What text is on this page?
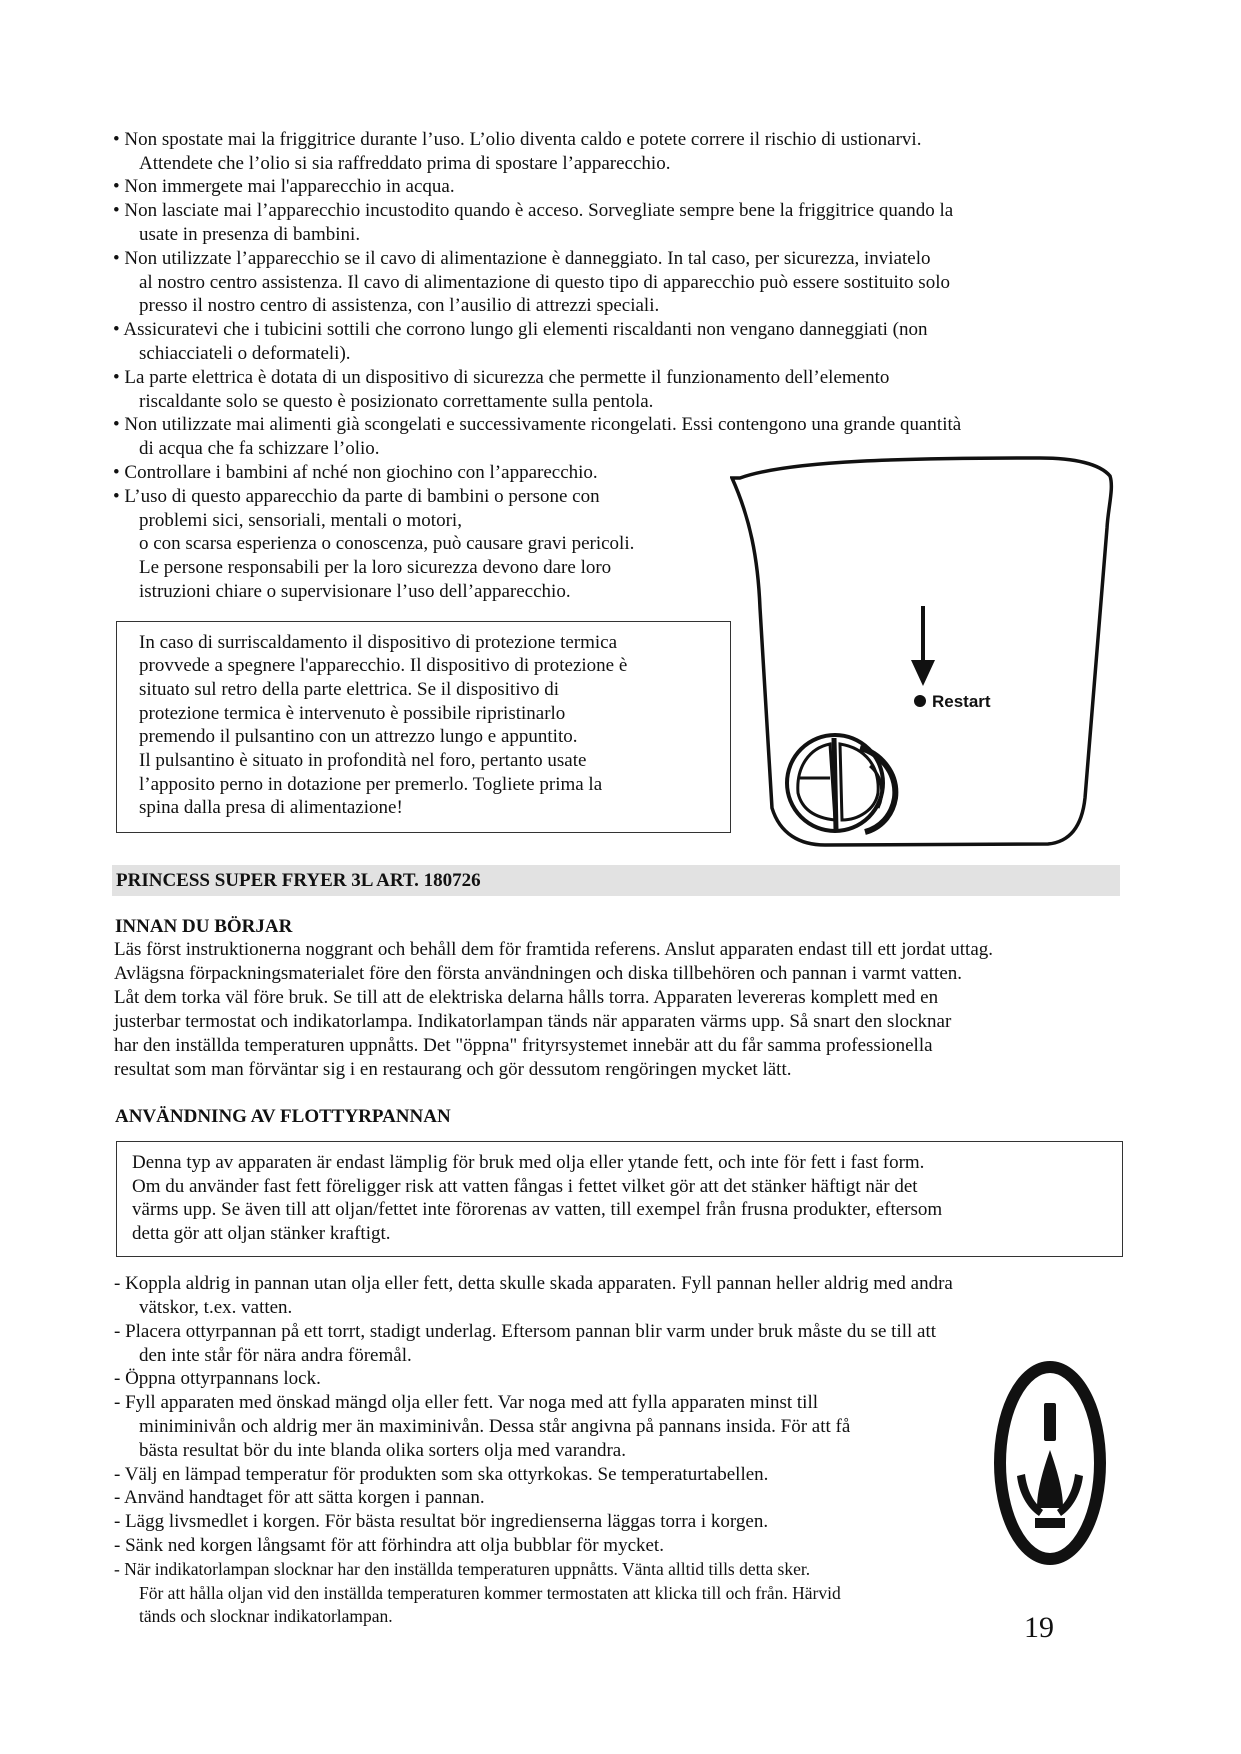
• Non spostate mai la friggitrice durante l’uso. L’olio diventa caldo e potete correre il rischio di ustionarvi.
Attendete che l’olio si sia raffreddato prima di spostare l’apparecchio.
• Non immergete mai l'apparecchio in acqua.
• Non lasciate mai l’apparecchio incustodito quando è acceso. Sorvegliate sempre bene la friggitrice quando la
usate in presenza di bambini.
• Non utilizzate l’apparecchio se il cavo di alimentazione è danneggiato. In tal caso, per sicurezza, inviatelo
al nostro centro assistenza. Il cavo di alimentazione di questo tipo di apparecchio può essere sostituito solo
presso il nostro centro di assistenza, con l’ausilio di attrezzi speciali.
• Assicuratevi che i tubicini sottili che corrono lungo gli elementi riscaldanti non vengano danneggiati (non
schiacciateli o deformateli).
• La parte elettrica è dotata di un dispositivo di sicurezza che permette il funzionamento dell’elemento
riscaldante solo se questo è posizionato correttamente sulla pentola.
• Non utilizzate mai alimenti già scongelati e successivamente ricongelati. Essi contengono una grande quantità
di acqua che fa schizzare l’olio.
• Controllare i bambini af nché non giochino con l’apparecchio.
• L’uso di questo apparecchio da parte di bambini o persone con
problemi sici, sensoriali, mentali o motori,
o con scarsa esperienza o conoscenza, può causare gravi pericoli.
Le persone responsabili per la loro sicurezza devono dare loro
istruzioni chiare o supervisionare l’uso dell’apparecchio.
In caso di surriscaldamento il dispositivo di protezione termica
provvede a spegnere l'apparecchio. Il dispositivo di protezione è
situato sul retro della parte elettrica. Se il dispositivo di
protezione termica è intervenuto è possibile ripristinarlo
premendo il pulsantino con un attrezzo lungo e appuntito.
Il pulsantino è situato in profondità nel foro, pertanto usate
l’apposito perno in dotazione per premerlo. Togliete prima la
spina dalla presa di alimentazione!
Restart
PRINCESS SUPER FRYER 3L ART. 180726
INNAN DU BÖRJAR
Läs först instruktionerna noggrant och behåll dem för framtida referens. Anslut apparaten endast till ett jordat uttag.
Avlägsna förpackningsmaterialet före den första användningen och diska tillbehören och pannan i varmt vatten.
Låt dem torka väl före bruk. Se till att de elektriska delarna hålls torra. Apparaten levereras komplett med en
justerbar termostat och indikatorlampa. Indikatorlampan tänds när apparaten värms upp. Så snart den slocknar
har den inställda temperaturen uppnåtts. Det "öppna" frityrsystemet innebär att du får samma professionella
resultat som man förväntar sig i en restaurang och gör dessutom rengöringen mycket lätt.
ANVÄNDNING AV FLOTTYRPANNAN
Denna typ av apparaten är endast lämplig för bruk med olja eller ytande fett, och inte för fett i fast form.
Om du använder fast fett föreligger risk att vatten fångas i fettet vilket gör att det stänker häftigt när det
värms upp. Se även till att oljan/fettet inte förorenas av vatten, till exempel från frusna produkter, eftersom
detta gör att oljan stänker kraftigt.
- Koppla aldrig in pannan utan olja eller fett, detta skulle skada apparaten. Fyll pannan heller aldrig med andra
vätskor, t.ex. vatten.
- Placera ottyrpannan på ett torrt, stadigt underlag. Eftersom pannan blir varm under bruk måste du se till att
den inte står för nära andra föremål.
- Öppna ottyrpannans lock.
- Fyll apparaten med önskad mängd olja eller fett. Var noga med att fylla apparaten minst till
miniminivån och aldrig mer än maximinivån. Dessa står angivna på pannans insida. För att få
bästa resultat bör du inte blanda olika sorters olja med varandra.
- Välj en lämpad temperatur för produkten som ska ottyrkokas. Se temperaturtabellen.
- Använd handtaget för att sätta korgen i pannan.
- Lägg livsmedlet i korgen. För bästa resultat bör ingredienserna läggas torra i korgen.
- Sänk ned korgen långsamt för att förhindra att olja bubblar för mycket.
- När indikatorlampan slocknar har den inställda temperaturen uppnåtts. Vänta alltid tills detta sker.
För att hålla oljan vid den inställda temperaturen kommer termostaten att klicka till och från. Härvid
tänds och slocknar indikatorlampan.	19
